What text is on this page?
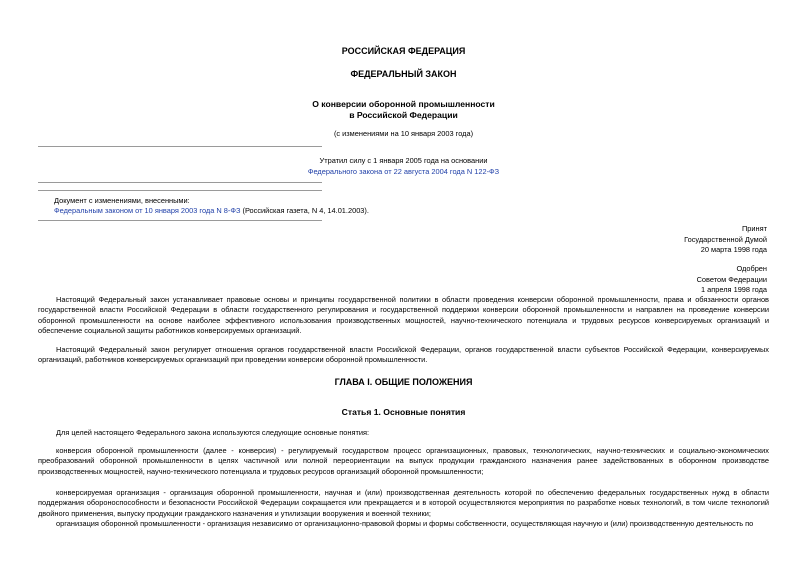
РОССИЙСКАЯ ФЕДЕРАЦИЯ
ФЕДЕРАЛЬНЫЙ ЗАКОН
О конверсии оборонной промышленности
в Российской Федерации
(с изменениями на 10 января 2003 года)
Утратил силу с 1 января 2005 года на основании
Федерального закона от 22 августа 2004 года N 122-ФЗ
Документ с изменениями, внесенными:
Федеральным законом от 10 января 2003 года N 8-ФЗ (Российская газета, N 4, 14.01.2003).
Принят
Государственной Думой
20 марта 1998 года
Одобрен
Советом Федерации
1 апреля 1998 года

Настоящий Федеральный закон устанавливает правовые основы и принципы государственной политики в области проведения конверсии оборонной промышленности, права и обязанности органов государственной власти Российской Федерации в области государственного регулирования и государственной поддержки конверсии оборонной промышленности и направлен на проведение конверсии оборонной промышленности на основе наиболее эффективного использования производственных мощностей, научно-технического потенциала и трудовых ресурсов конверсируемых организаций и обеспечение социальной защиты работников конверсируемых организаций.

Настоящий Федеральный закон регулирует отношения органов государственной власти Российской Федерации, органов государственной власти субъектов Российской Федерации, конверсируемых организаций, работников конверсируемых организаций при проведении конверсии оборонной промышленности.

ГЛАВА I. ОБЩИЕ ПОЛОЖЕНИЯ
Статья 1. Основные понятия
Для целей настоящего Федерального закона используются следующие основные понятия:

конверсия оборонной промышленности (далее - конверсия) - регулируемый государством процесс организационных, правовых, технологических, научно-технических и социально-экономических преобразований оборонной промышленности в целях частичной или полной переориентации на выпуск продукции гражданского назначения ранее задействованных в оборонном производстве производственных мощностей, научно-технического потенциала и трудовых ресурсов организаций оборонной промышленности;

конверсируемая организация - организация оборонной промышленности, научная и (или) производственная деятельность которой по обеспечению федеральных государственных нужд в области поддержания обороноспособности и безопасности Российской Федерации сокращается или прекращается и в которой осуществляются мероприятия по разработке новых технологий, в том числе технологий двойного применения, выпуску продукции гражданского назначения и утилизации вооружения и военной техники;

организация оборонной промышленности - организация независимо от организационно-правовой формы и формы собственности, осуществляющая научную и (или) производственную деятельность по
